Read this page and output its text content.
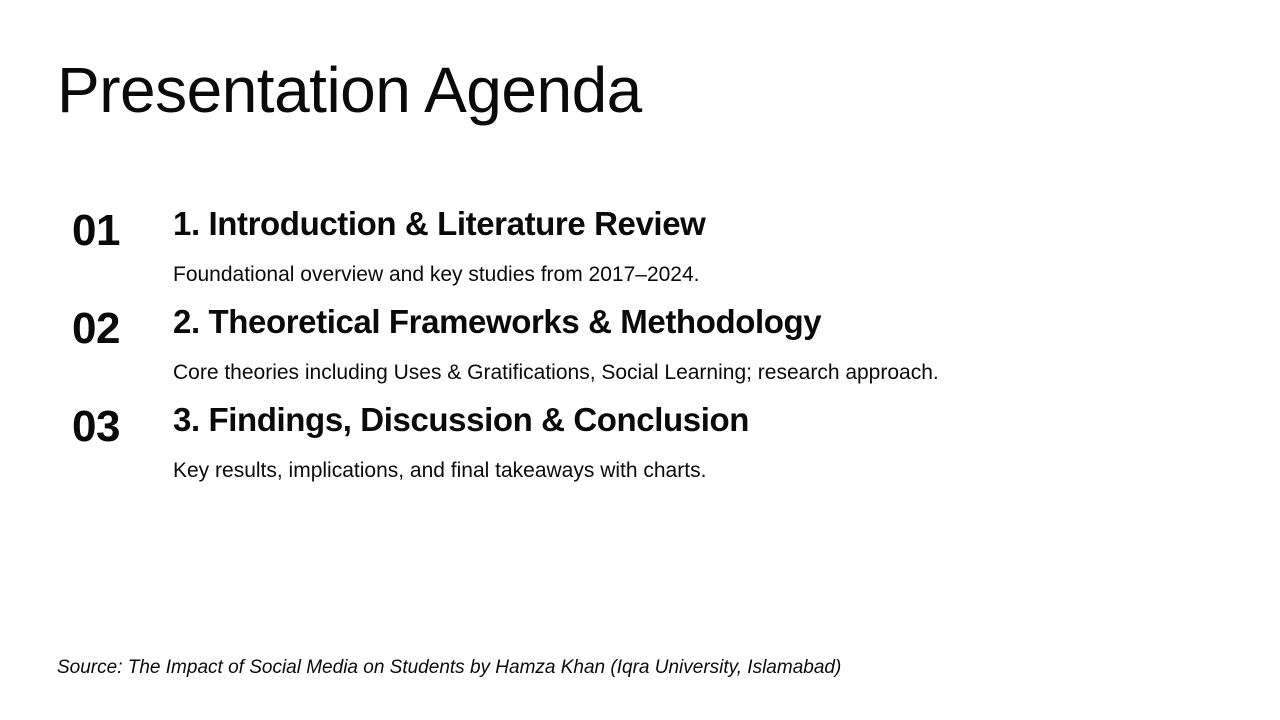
Presentation Agenda
01	1. Introduction & Literature Review

Foundational overview and key studies from 2017–2024.

02	2. Theoretical Frameworks & Methodology

Core theories including Uses & Gratifications, Social Learning; research approach.

03	3. Findings, Discussion & Conclusion

Key results, implications, and final takeaways with charts.

Source: The Impact of Social Media on Students by Hamza Khan (Iqra University, Islamabad)
